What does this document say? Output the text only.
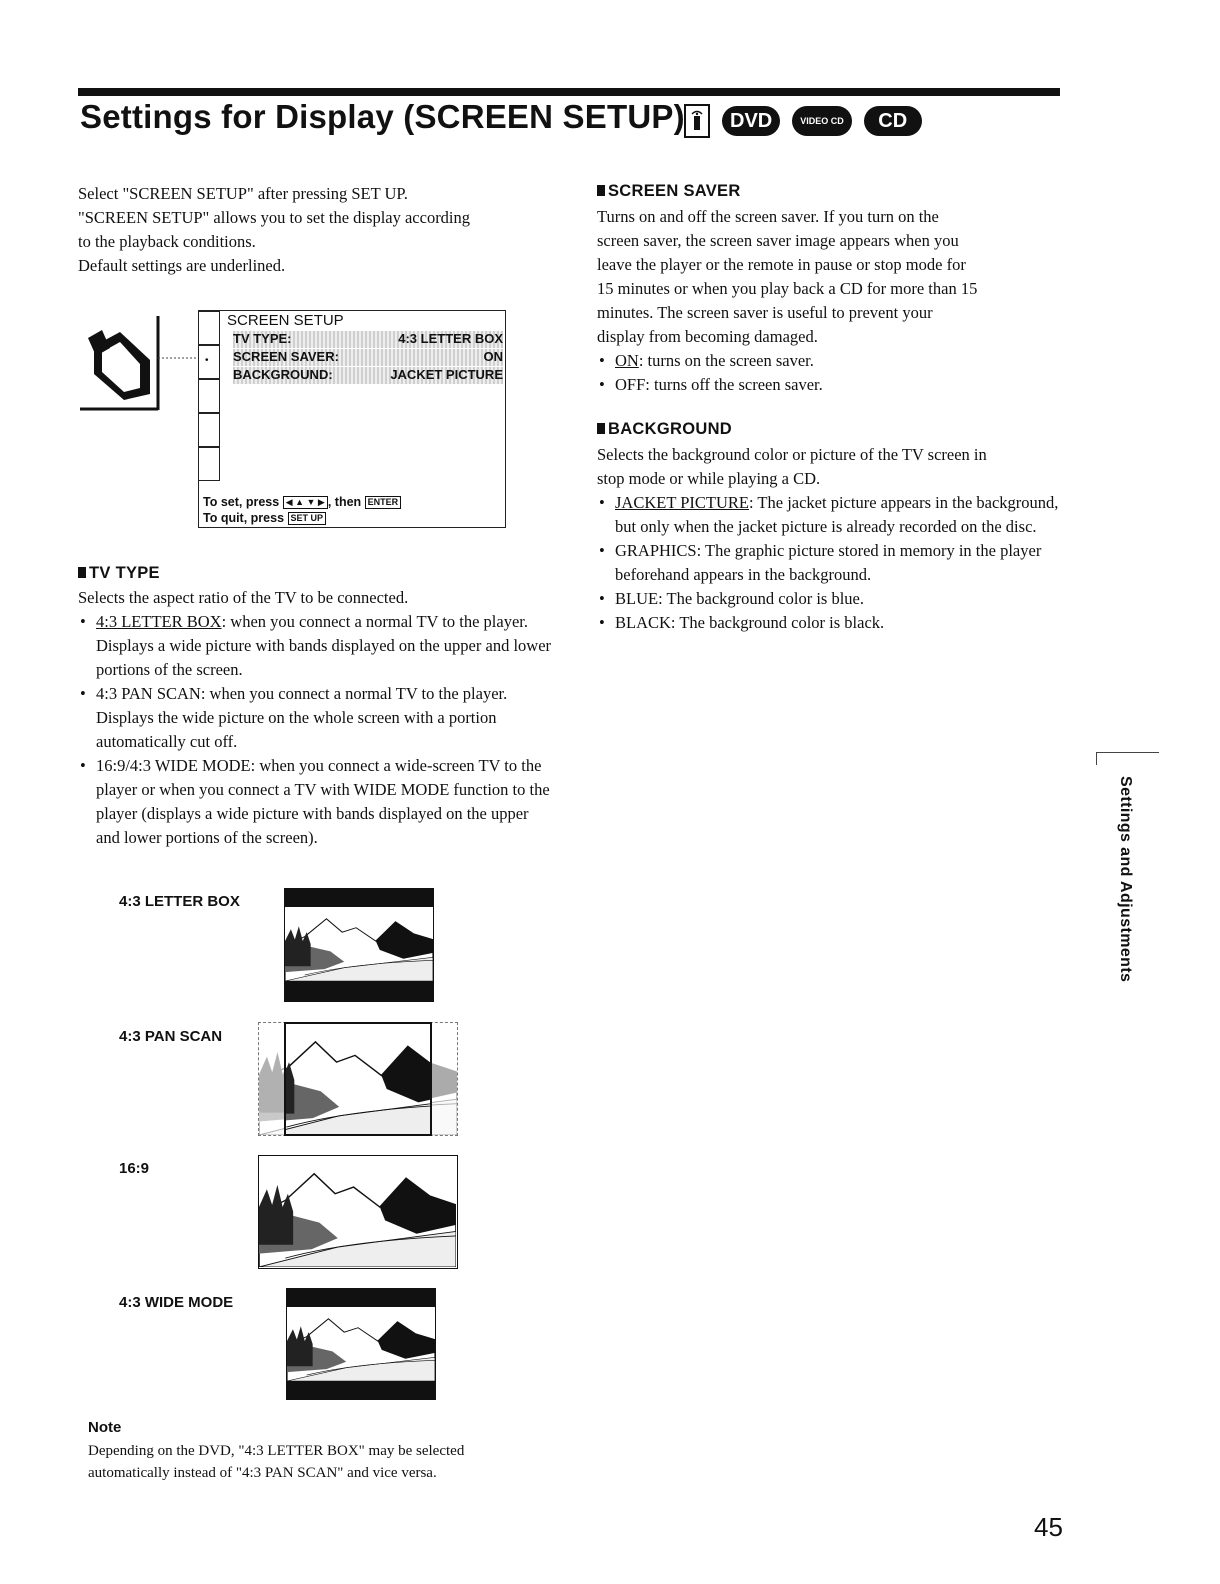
Settings for Display (SCREEN SETUP)	DVD	VIDEO CD	CD

Select "SCREEN SETUP" after pressing SET UP.

"SCREEN SETUP" allows you to set the display according

to the playback conditions.

Default settings are underlined.

•
SCREEN SETUP
TV TYPE:	4:3 LETTER BOX
SCREEN SAVER:	ON
BACKGROUND:	JACKET PICTURE
To set, press ◀ ▲ ▼ ▶ , then ENTER
To quit, press SET UP
TV TYPE

Selects the aspect ratio of the TV to be connected.

• 4:3 LETTER BOX: when you connect a normal TV to the player. Displays a wide picture with bands displayed on the upper and lower portions of the screen.
• 4:3 PAN SCAN: when you connect a normal TV to the player. Displays the wide picture on the whole screen with a portion automatically cut off.
• 16:9/4:3 WIDE MODE: when you connect a wide-screen TV to the player or when you connect a TV with WIDE MODE function to the player (displays a wide picture with bands displayed on the upper and lower portions of the screen).
4:3 LETTER BOX
4:3 PAN SCAN
16:9
4:3 WIDE MODE
Note
Depending on the DVD, "4:3 LETTER BOX" may be selected
automatically instead of "4:3 PAN SCAN" and vice versa.
SCREEN SAVER

Turns on and off the screen saver. If you turn on the

screen saver, the screen saver image appears when you

leave the player or the remote in pause or stop mode for

15 minutes or when you play back a CD for more than 15

minutes. The screen saver is useful to prevent your

display from becoming damaged.

• ON: turns on the screen saver.
• OFF: turns off the screen saver.
BACKGROUND

Selects the background color or picture of the TV screen in

stop mode or while playing a CD.

• JACKET PICTURE: The jacket picture appears in the background, but only when the jacket picture is already recorded on the disc.
• GRAPHICS: The graphic picture stored in memory in the player beforehand appears in the background.
• BLUE: The background color is blue.
• BLACK: The background color is black.
Settings and Adjustments
45
